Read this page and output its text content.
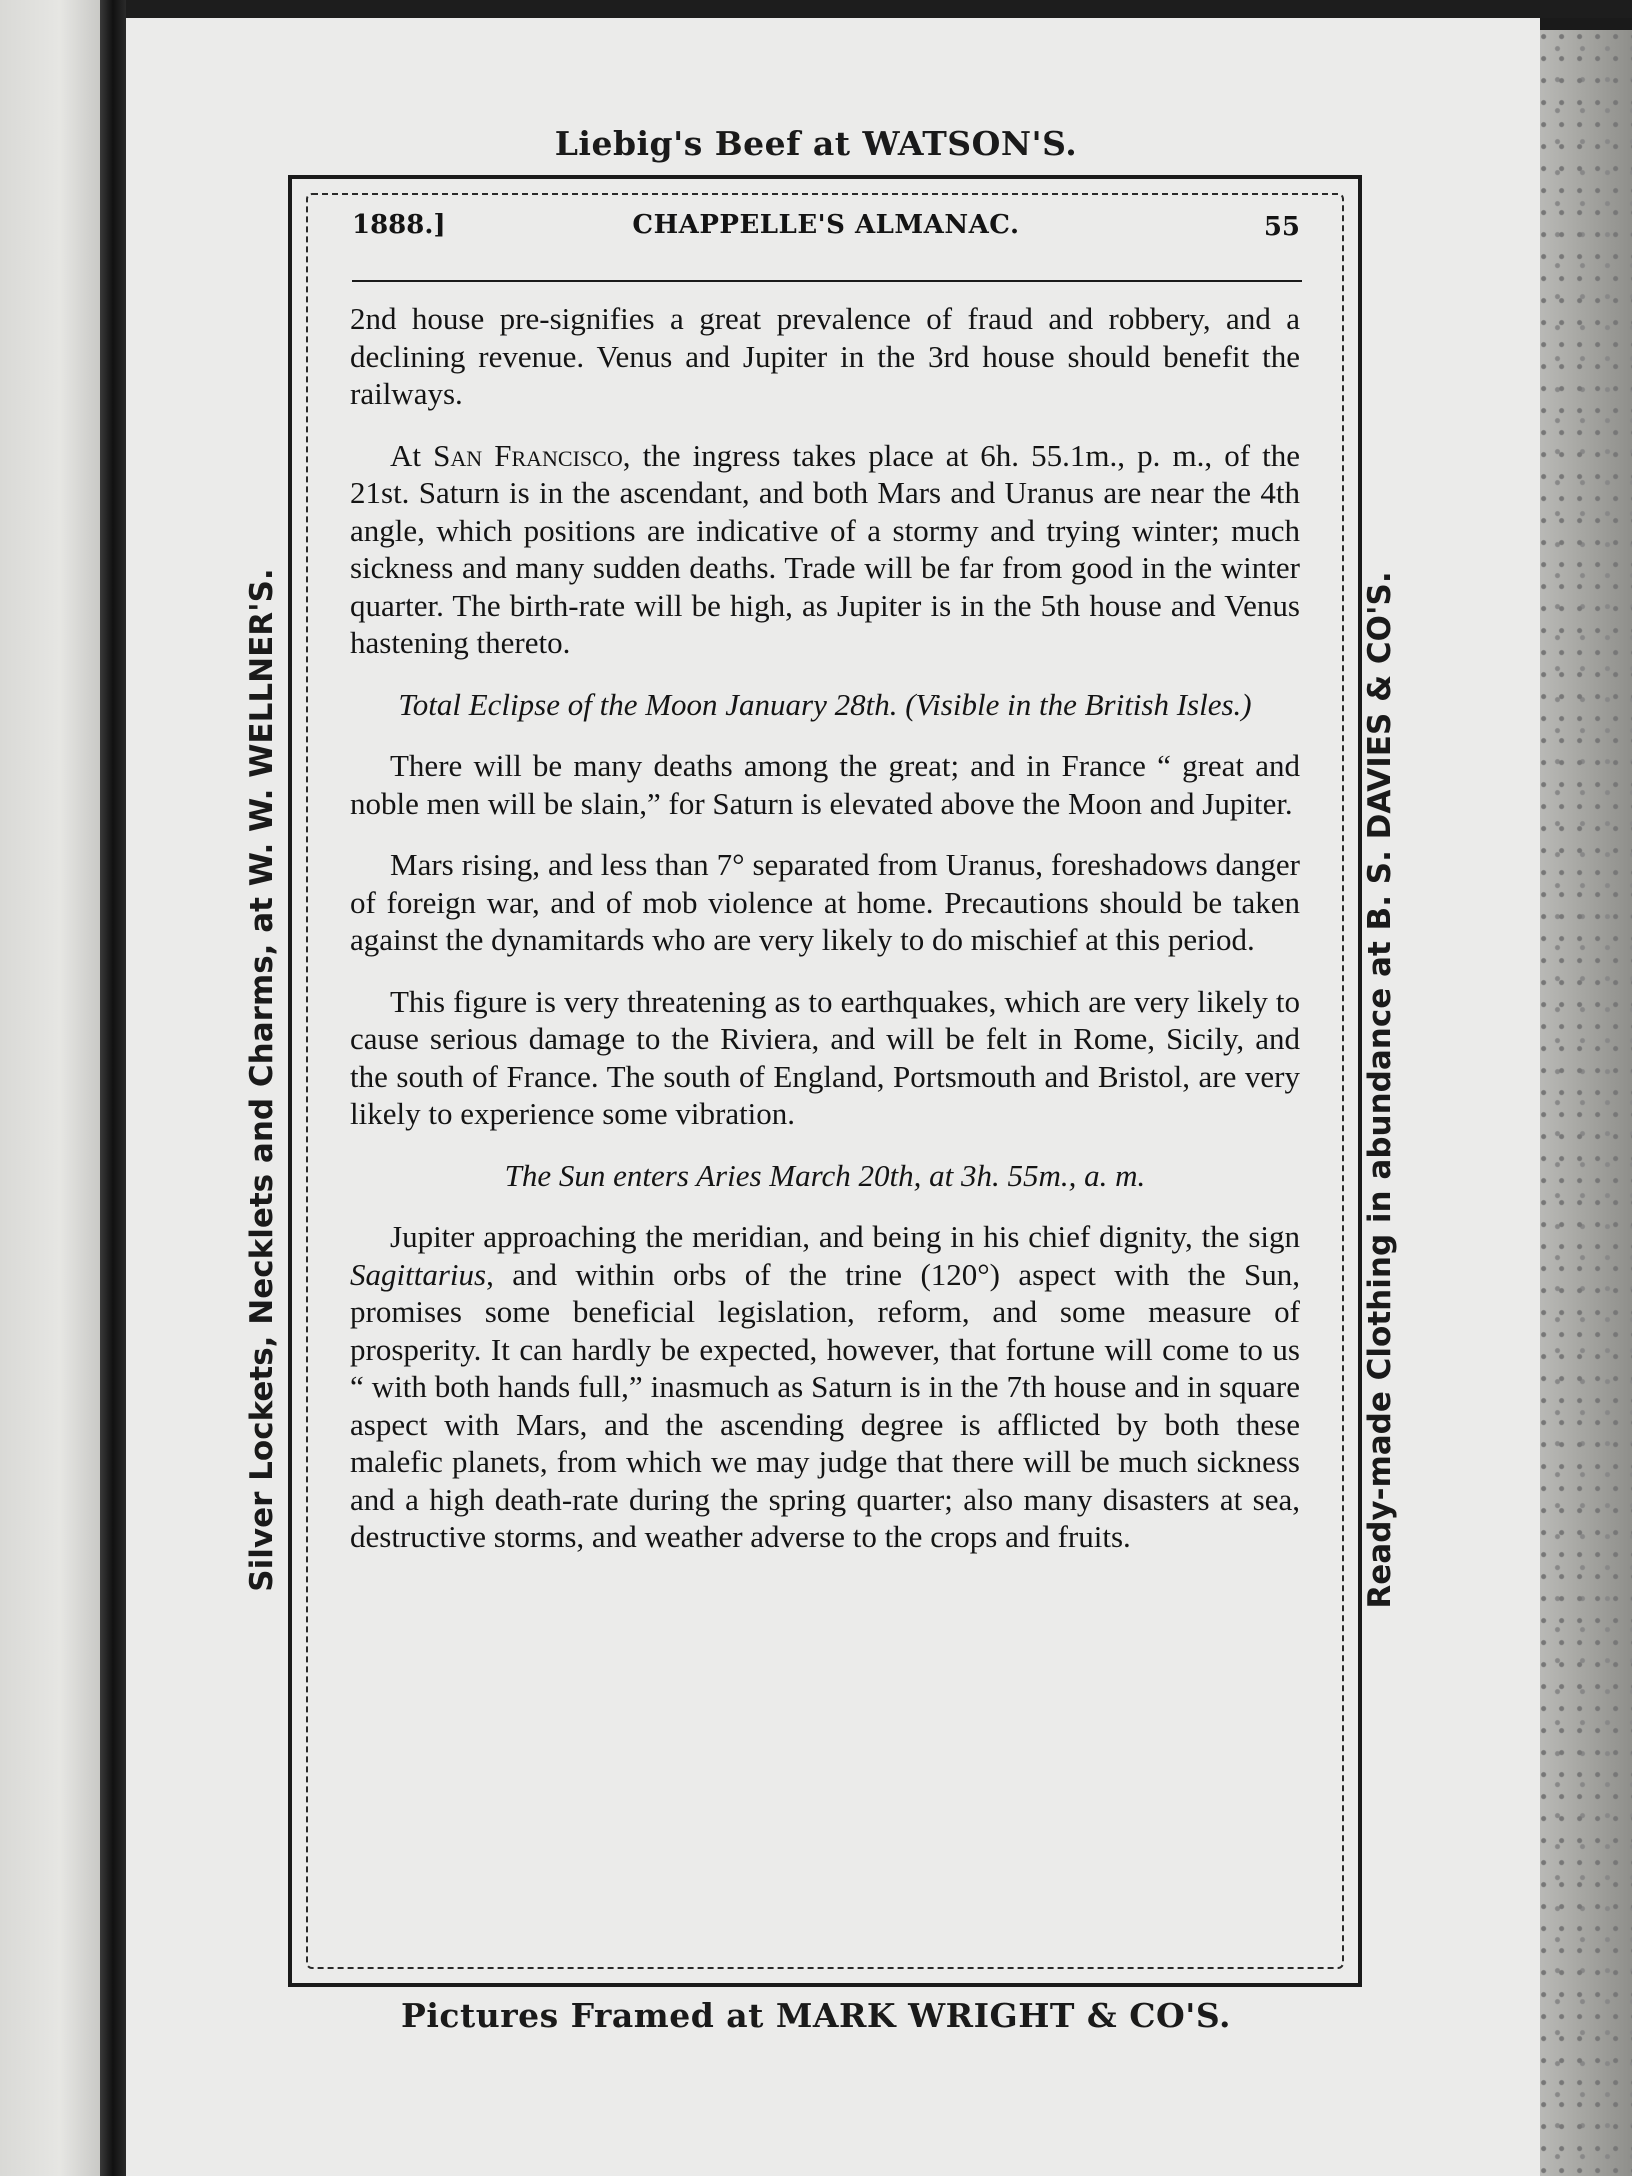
Liebig's Beef at WATSON'S.
Silver Lockets, Necklets and Charms, at W. W. WELLNER'S.	Ready-made Clothing in abundance at B. S. DAVIES & CO'S.
Pictures Framed at MARK WRIGHT & CO'S.
1888.]	CHAPPELLE'S ALMANAC.	55

2nd house pre-signifies a great prevalence of fraud and robbery, and a declining revenue. Venus and Jupiter in the 3rd house should benefit the railways.

At San Francisco, the ingress takes place at 6h. 55.1m., p. m., of the 21st. Saturn is in the ascendant, and both Mars and Uranus are near the 4th angle, which positions are indicative of a stormy and trying winter; much sickness and many sudden deaths. Trade will be far from good in the winter quarter. The birth-rate will be high, as Jupiter is in the 5th house and Venus hastening thereto.

Total Eclipse of the Moon January 28th. (Visible in the British Isles.)

There will be many deaths among the great; and in France “ great and noble men will be slain,” for Saturn is elevated above the Moon and Jupiter.

Mars rising, and less than 7° separated from Uranus, foreshadows danger of foreign war, and of mob violence at home. Precautions should be taken against the dynamitards who are very likely to do mischief at this period.

This figure is very threatening as to earthquakes, which are very likely to cause serious damage to the Riviera, and will be felt in Rome, Sicily, and the south of France. The south of England, Portsmouth and Bristol, are very likely to experience some vibration.

The Sun enters Aries March 20th, at 3h. 55m., a. m.

Jupiter approaching the meridian, and being in his chief dignity, the sign Sagittarius, and within orbs of the trine (120°) aspect with the Sun, promises some beneficial legislation, reform, and some measure of prosperity. It can hardly be expected, however, that fortune will come to us “ with both hands full,” inasmuch as Saturn is in the 7th house and in square aspect with Mars, and the ascending degree is afflicted by both these malefic planets, from which we may judge that there will be much sickness and a high death-rate during the spring quarter; also many disasters at sea, destructive storms, and weather adverse to the crops and fruits.
